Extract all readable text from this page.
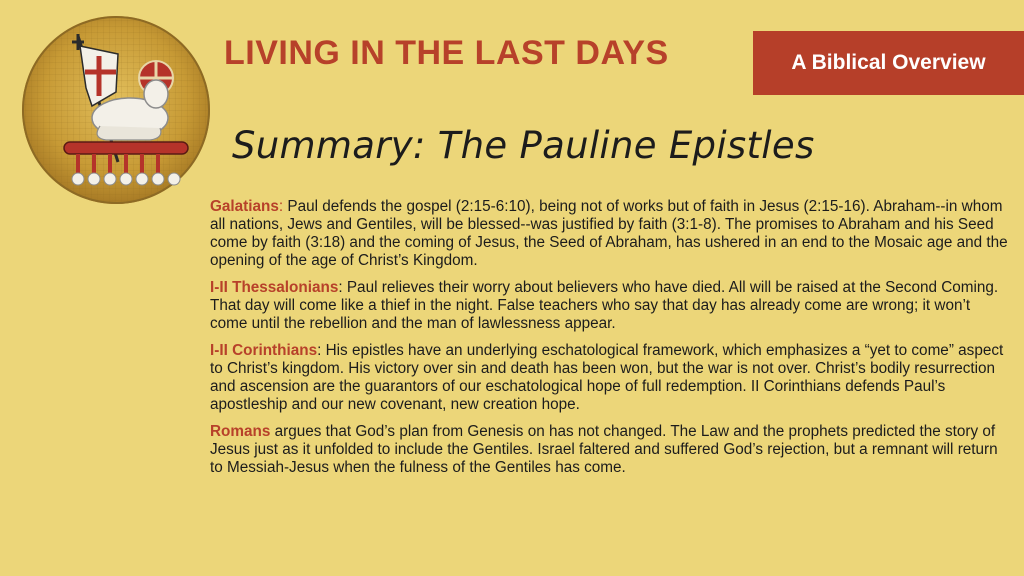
LIVING IN THE LAST DAYS	A Biblical Overview
Summary: The Pauline Epistles

Galatians: Paul defends the gospel (2:15-6:10), being not of works but of faith in Jesus (2:15-16). Abraham--in whom all nations, Jews and Gentiles, will be blessed--was justified by faith (3:1-8). The promises to Abraham and his Seed come by faith (3:18) and the coming of Jesus, the Seed of Abraham, has ushered in an end to the Mosaic age and the opening of the age of Christ’s Kingdom.

I-II Thessalonians: Paul relieves their worry about believers who have died. All will be raised at the Second Coming. That day will come like a thief in the night. False teachers who say that day has already come are wrong; it won’t come until the rebellion and the man of lawlessness appear.

I-II Corinthians: His epistles have an underlying eschatological framework, which emphasizes a “yet to come” aspect to Christ’s kingdom. His victory over sin and death has been won, but the war is not over. Christ’s bodily resurrection and ascension are the guarantors of our eschatological hope of full redemption. II Corinthians defends Paul’s apostleship and our new covenant, new creation hope.

Romans argues that God’s plan from Genesis on has not changed. The Law and the prophets predicted the story of Jesus just as it unfolded to include the Gentiles. Israel faltered and suffered God’s rejection, but a remnant will return to Messiah-Jesus when the fulness of the Gentiles has come.
